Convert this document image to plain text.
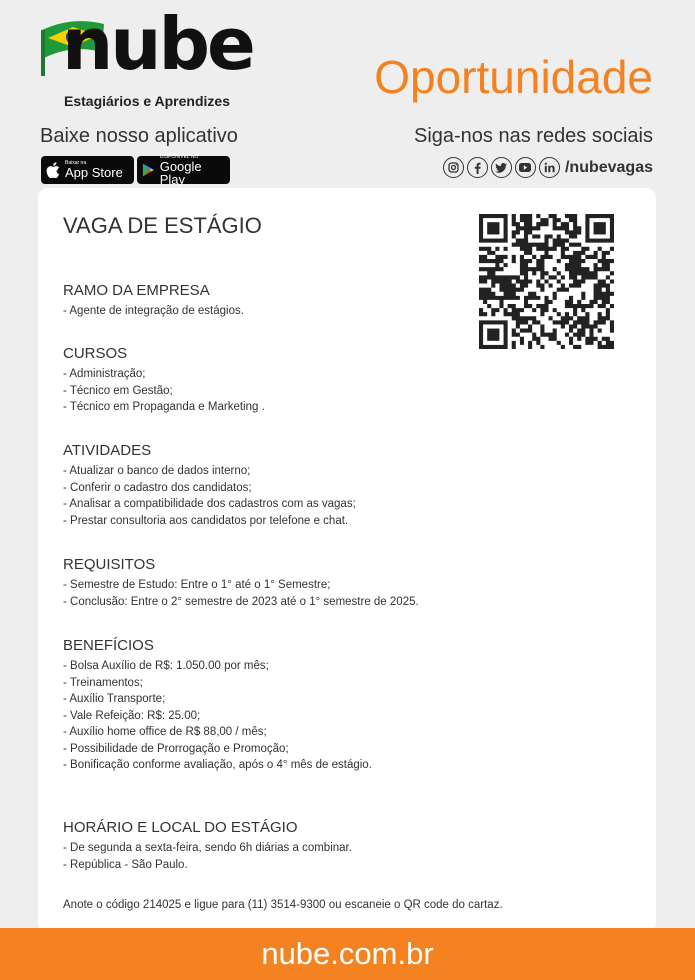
nube
Estagiários e Aprendizes	Oportunidade
Baixe nosso aplicativo	Siga-nos nas redes sociais
Baixar na
App Store
DISPONÍVEL NO
Google Play
/nubevagas
VAGA DE ESTÁGIO
RAMO DA EMPRESA
- Agente de integração de estágios.
CURSOS
- Administração;
- Técnico em Gestão;
- Técnico em Propaganda e Marketing .
ATIVIDADES
- Atualizar o banco de dados interno;
- Conferir o cadastro dos candidatos;
- Analisar a compatibilidade dos cadastros com as vagas;
- Prestar consultoria aos candidatos por telefone e chat.
REQUISITOS
- Semestre de Estudo: Entre o 1° até o 1° Semestre;
- Conclusão: Entre o 2° semestre de 2023 até o 1° semestre de 2025.
BENEFÍCIOS
- Bolsa Auxílio de R$: 1.050.00 por mês;
- Treinamentos;
- Auxílio Transporte;
- Vale Refeição: R$: 25.00;
- Auxílio home office de R$ 88,00 / mês;
- Possibilidade de Prorrogação e Promoção;
- Bonificação conforme avaliação, após o 4° mês de estágio.
HORÁRIO E LOCAL DO ESTÁGIO
- De segunda a sexta-feira, sendo 6h diárias a combinar.
- República - São Paulo.
Anote o código 214025 e ligue para (11) 3514-9300 ou escaneie o QR code do cartaz.
nube.com.br
